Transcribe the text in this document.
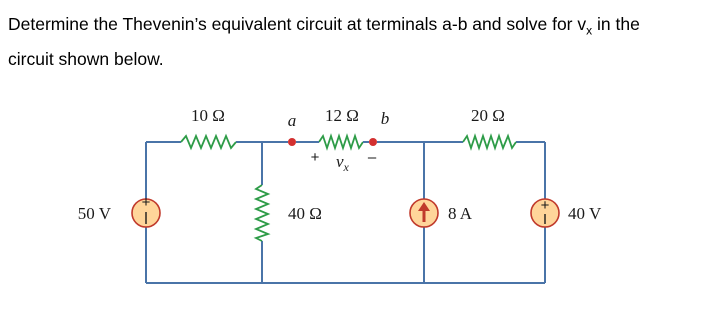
Determine the Thevenin’s equivalent circuit at terminals a-b and solve for $v_x$ in the
circuit shown below.

+	+
10 Ω	12 Ω	20 Ω
40 Ω
a	b
+ $v_x$
–
50 V	8 A	40 V
